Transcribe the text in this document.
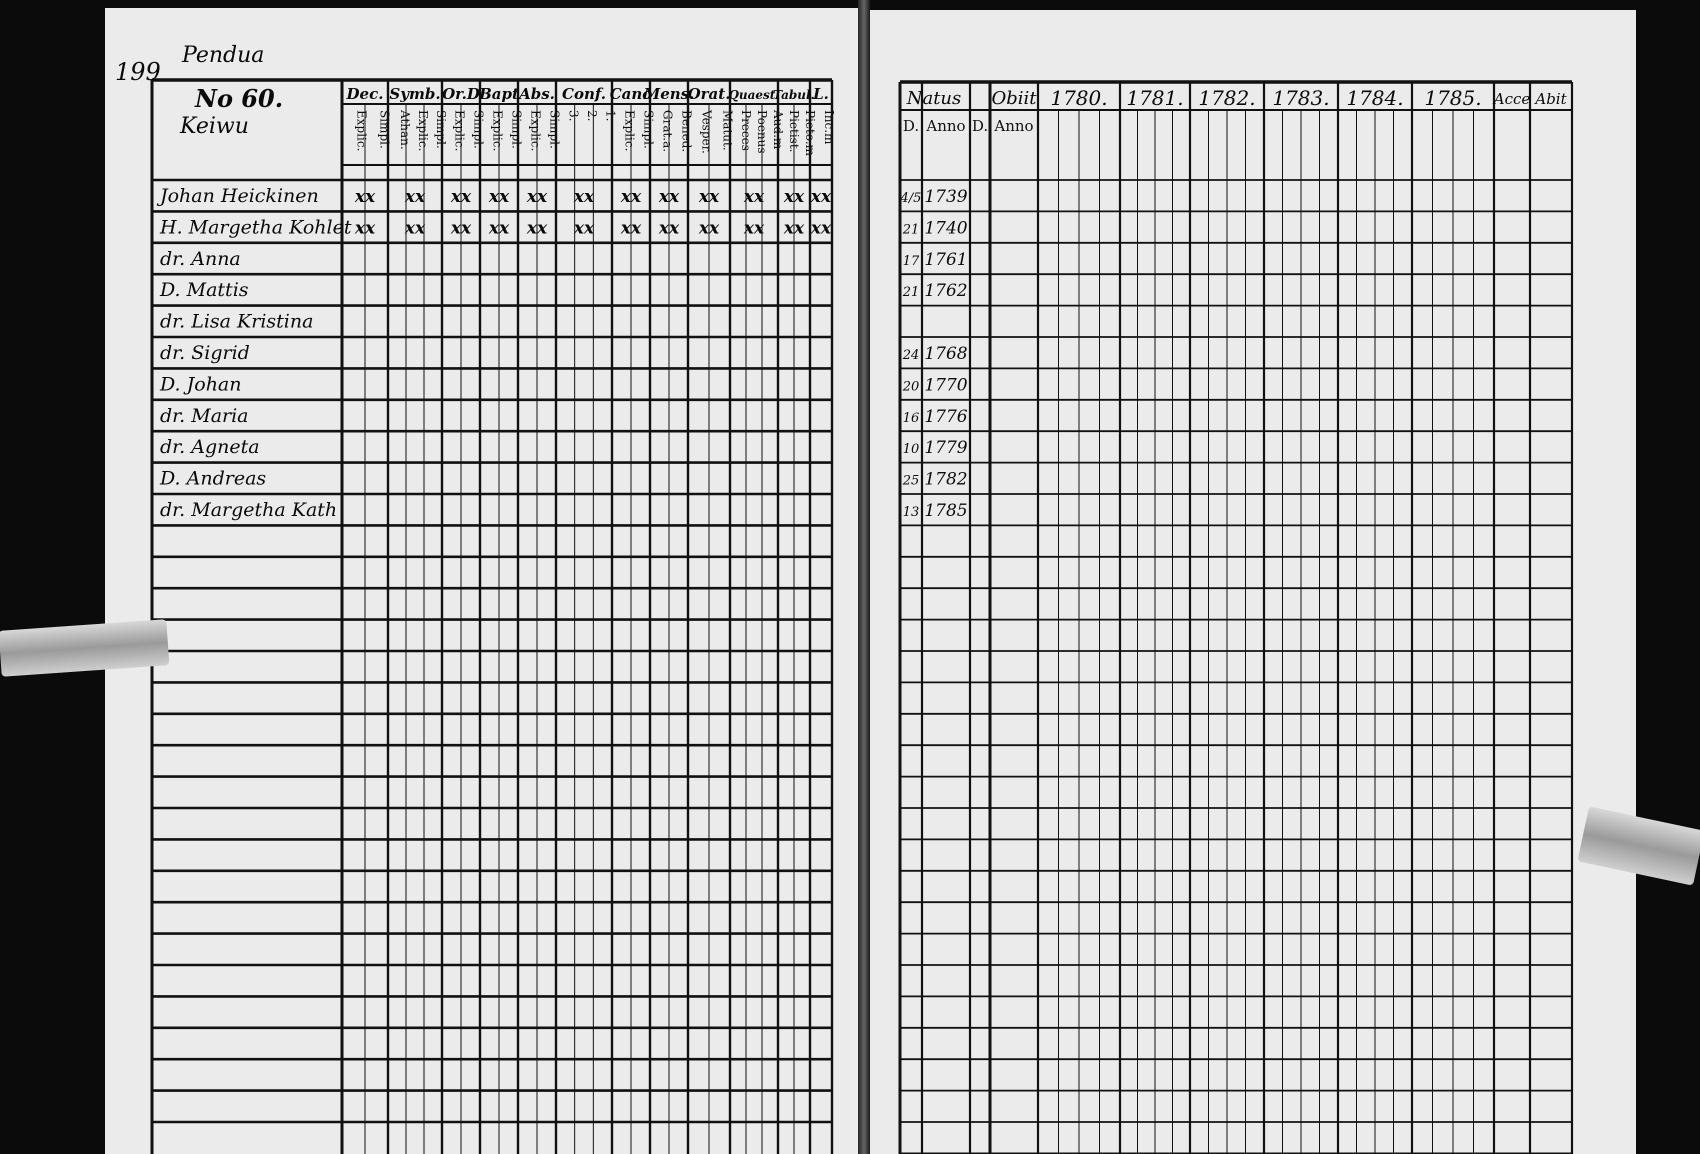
199
Pendua
No 60.
Keiwu
Dec.
Explic. Simpl.
Symb.
Athan. Explic. Simpl.
Or.D
Explic. Simpl.
Bapt
Explic. Simpl.
Abs.
Explic. Simpl.
Conf.
3. 2. 1.
Cano
Explic. Simpl.
Mens.
Grat.a. Bened.
Orat.
Vesper. Matut.
Quaest.
Preces Poenus Aud.m
Tabul.
Pietist. Pieto.m
L.
Inc.m
Johan Heickinen xx xx xx xx xx xx xx xx xx xx xx xx
H. Margetha Kohlet xx xx xx xx xx xx xx xx xx xx xx xx
dr. Anna
D. Mattis
dr. Lisa Kristina
dr. Sigrid
D. Johan
dr. Maria
dr. Agneta
D. Andreas
dr. Margetha Kath
Natus Obiit
D. Anno D. Anno
1780. 1781. 1782. 1783. 1784. 1785. Acce Abit
4/5 1739
21 1740
17 1761
21 1762
24 1768
20 1770
16 1776
10 1779
25 1782
13 1785
